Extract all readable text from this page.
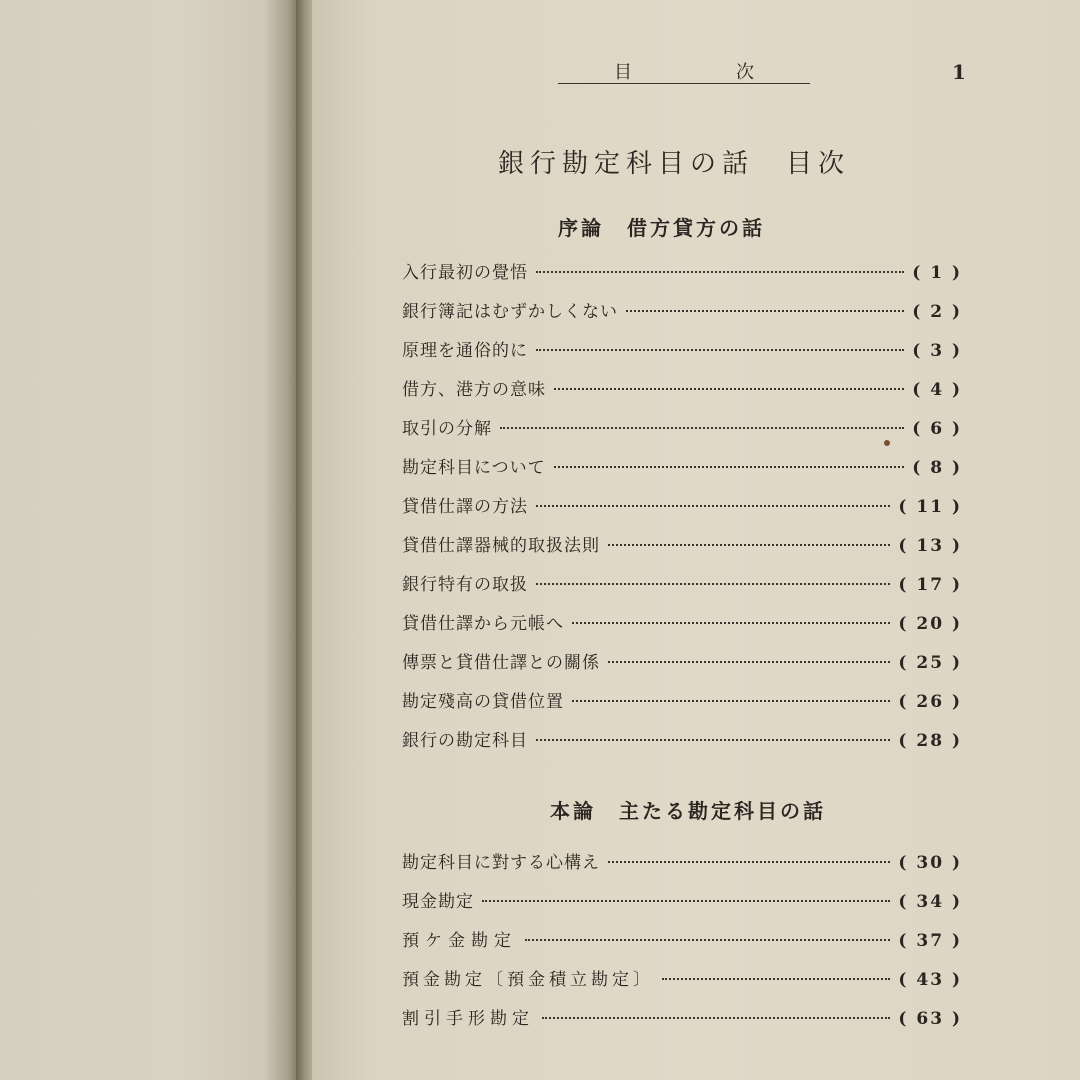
目	次	1
銀行勘定科目の話　目次
序論　借方貸方の話
入行最初の覺悟	( 1 )
銀行簿記はむずかしくない	( 2 )
原理を通俗的に	( 3 )
借方、港方の意味	( 4 )
取引の分解	( 6 )
勘定科目について	( 8 )
貸借仕譯の方法	( 11 )
貸借仕譯器械的取扱法則	( 13 )
銀行特有の取扱	( 17 )
貸借仕譯から元帳へ	( 20 )
傳票と貸借仕譯との關係	( 25 )
勘定殘高の貸借位置	( 26 )
銀行の勘定科目	( 28 )
本論　主たる勘定科目の話
勘定科目に對する心構え	( 30 )
現金勘定	( 34 )
預ケ金勘定	( 37 )
預金勘定〔預金積立勘定〕	( 43 )
割引手形勘定	( 63 )
